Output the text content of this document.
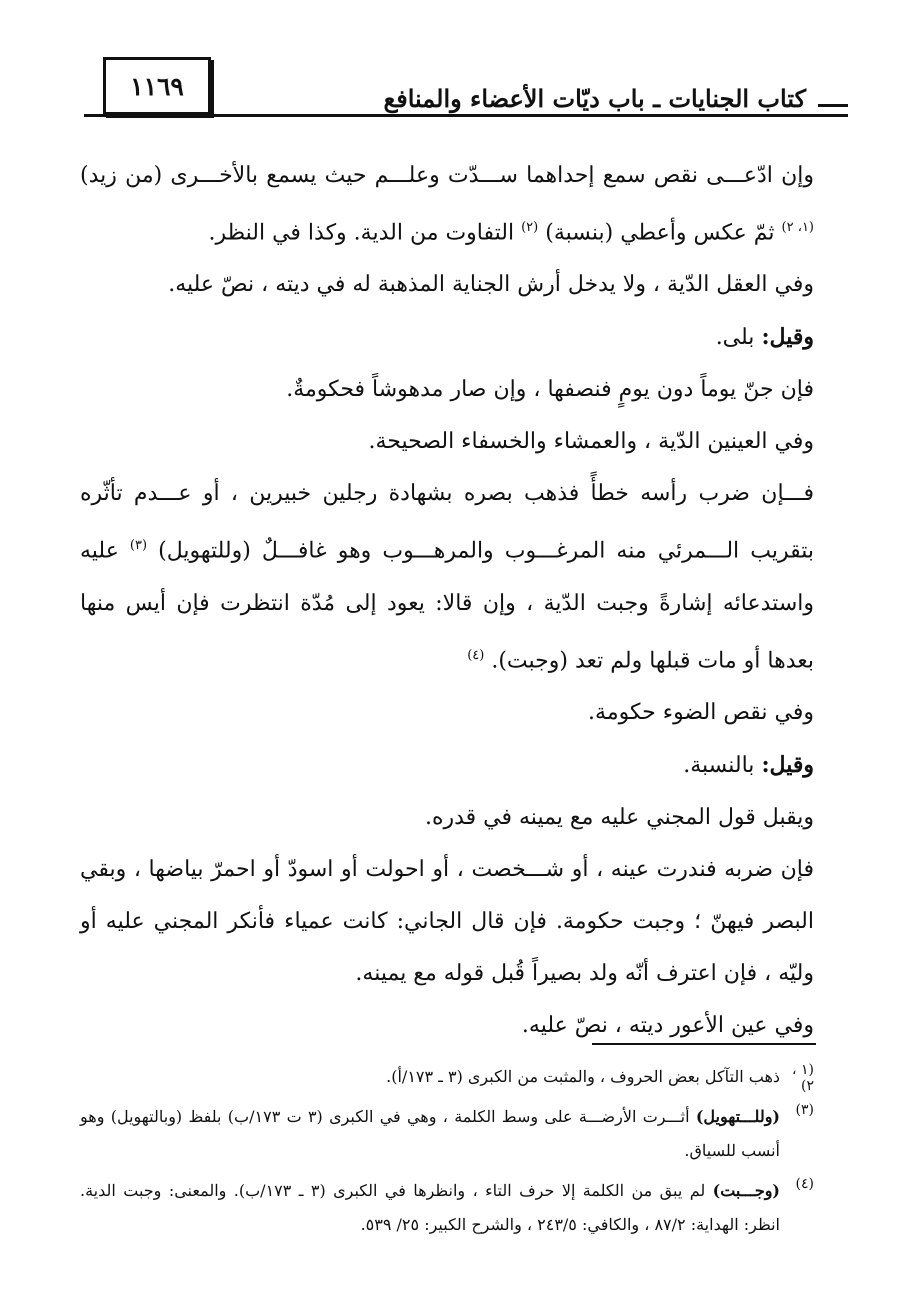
١١٦٩	كتاب الجنايات ـ باب ديّات الأعضاء والمنافع

وإن ادّعـــى نقص سمع إحداهما ســـدّت وعلـــم حيث يسمع بالأخـــرى (من زيد) $^{(١، ٢)}$ ثمّ عكس وأعطي (بنسبة) $^{(٢)}$ التفاوت من الدية. وكذا في النظر.

وفي العقل الدّية ، ولا يدخل أرش الجناية المذهبة له في ديته ، نصّ عليه.

وقيل: بلى.

فإن جنّ يوماً دون يومٍ فنصفها ، وإن صار مدهوشاً فحكومةٌ.

وفي العينين الدّية ، والعمشاء والخسفاء الصحيحة.

فـــإن ضرب رأسه خطأً فذهب بصره بشهادة رجلين خبيرين ، أو عـــدم تأثّره بتقريب الـــمرئي منه المرغـــوب والمرهـــوب وهو غافـــلٌ (وللتهويل) $^{(٣)}$ عليه واستدعائه إشارةً وجبت الدّية ، وإن قالا: يعود إلى مُدّة انتظرت فإن أيس منها بعدها أو مات قبلها ولم تعد (وجبت). $^{(٤)}$

وفي نقص الضوء حكومة.

وقيل: بالنسبة.

ويقبل قول المجني عليه مع يمينه في قدره.

فإن ضربه فندرت عينه ، أو شـــخصت ، أو احولت أو اسودّ أو احمرّ بياضها ، وبقي البصر فيهنّ ؛ وجبت حكومة. فإن قال الجاني: كانت عمياء فأنكر المجني عليه أو وليّه ، فإن اعترف أنّه ولد بصيراً قُبل قوله مع يمينه.

وفي عين الأعور ديته ، نصّ عليه.

(١ ، ٢)
ذهب التآكل بعض الحروف ، والمثبت من الكبرى (٣ ـ ١٧٣/أ).
(٣)
(وللـــتهويل) أثـــرت الأرضـــة على وسط الكلمة ، وهي في الكبرى (٣ ت ١٧٣/ب) بلفظ (وبالتهويل) وهو أنسب للسياق.
(٤)
(وجـــبت) لم يبق من الكلمة إلا حرف التاء ، وانظرها في الكبرى (٣ ـ ١٧٣/ب). والمعنى: وجبت الدية. انظر: الهداية: ٨٧/٢ ، والكافي: ٢٤٣/٥ ، والشرح الكبير: ٢٥/ ٥٣٩.
